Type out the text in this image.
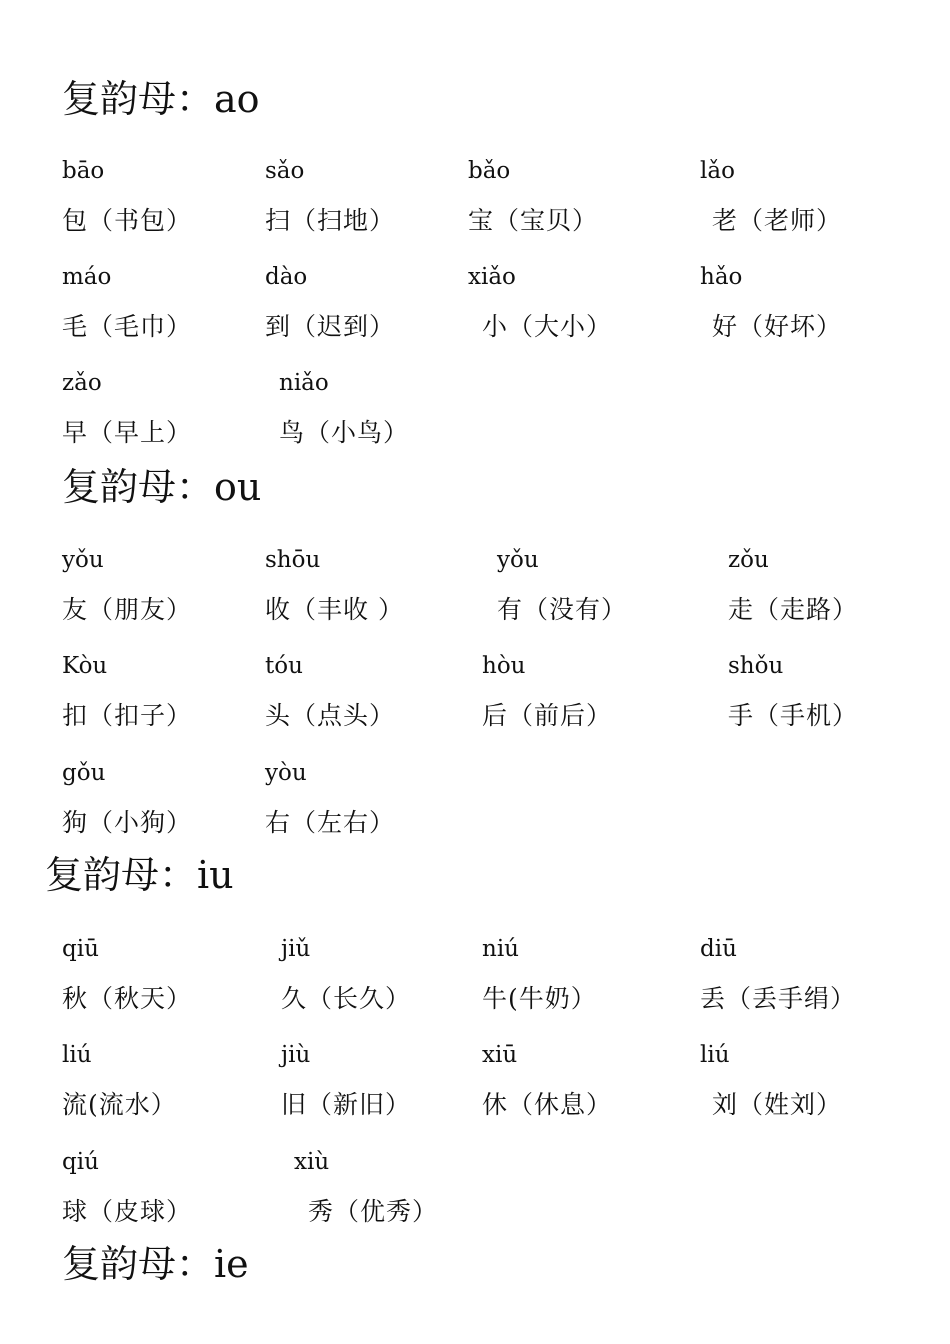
复韵母：ao
bāo	sǎo	bǎo	lǎo
包（书包）	扫（扫地）	宝（宝贝）	老（老师）
máo	dào	xiǎo	hǎo
毛（毛巾）	到（迟到）	小（大小）	好（好坏）
zǎo	niǎo
早（早上）	鸟（小鸟）
复韵母：ou
yǒu	shōu	yǒu	zǒu
友（朋友）	收（丰收 ）	有（没有）	走（走路）
Kòu	tóu	hòu	shǒu
扣（扣子）	头（点头）	后（前后）	手（手机）
gǒu	yòu
狗（小狗）	右（左右）
复韵母：iu
qiū	jiǔ	niú	diū
秋（秋天）	久（长久）	牛(牛奶）	丢（丢手绢）
liú	jiù	xiū	liú
流(流水）	旧（新旧）	休（休息）	刘（姓刘）
qiú	xiù
球（皮球）	秀（优秀）
复韵母：ie
